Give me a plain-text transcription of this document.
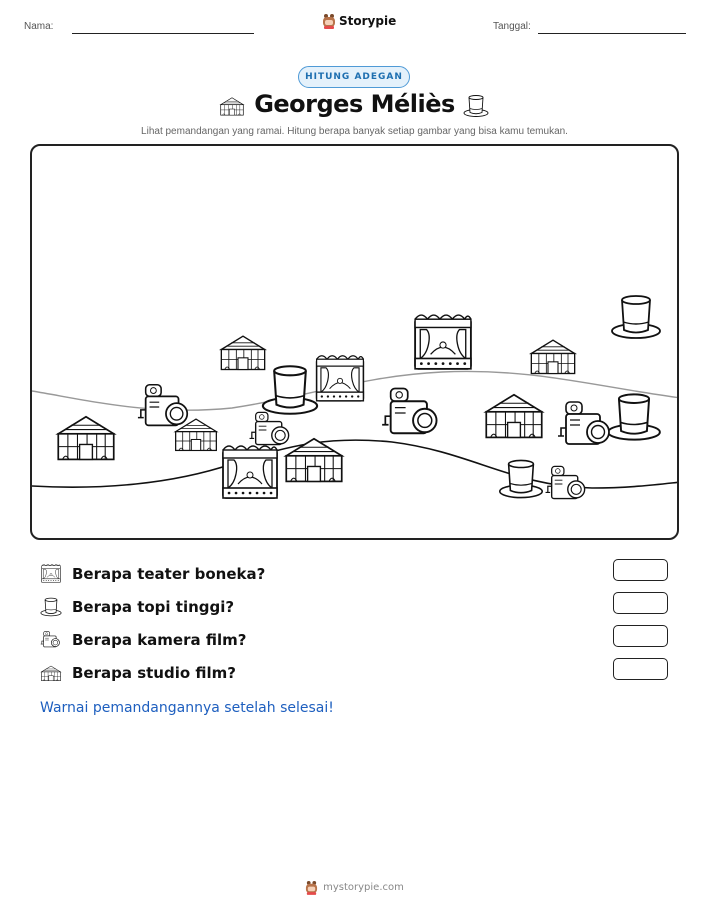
Nama:	Storypie	Tanggal:
HITUNG ADEGAN
Georges Méliès
Lihat pemandangan yang ramai. Hitung berapa banyak setiap gambar yang bisa kamu temukan.
Berapa teater boneka?
Berapa topi tinggi?
Berapa kamera film?
Berapa studio film?
Warnai pemandangannya setelah selesai!
mystorypie.com
